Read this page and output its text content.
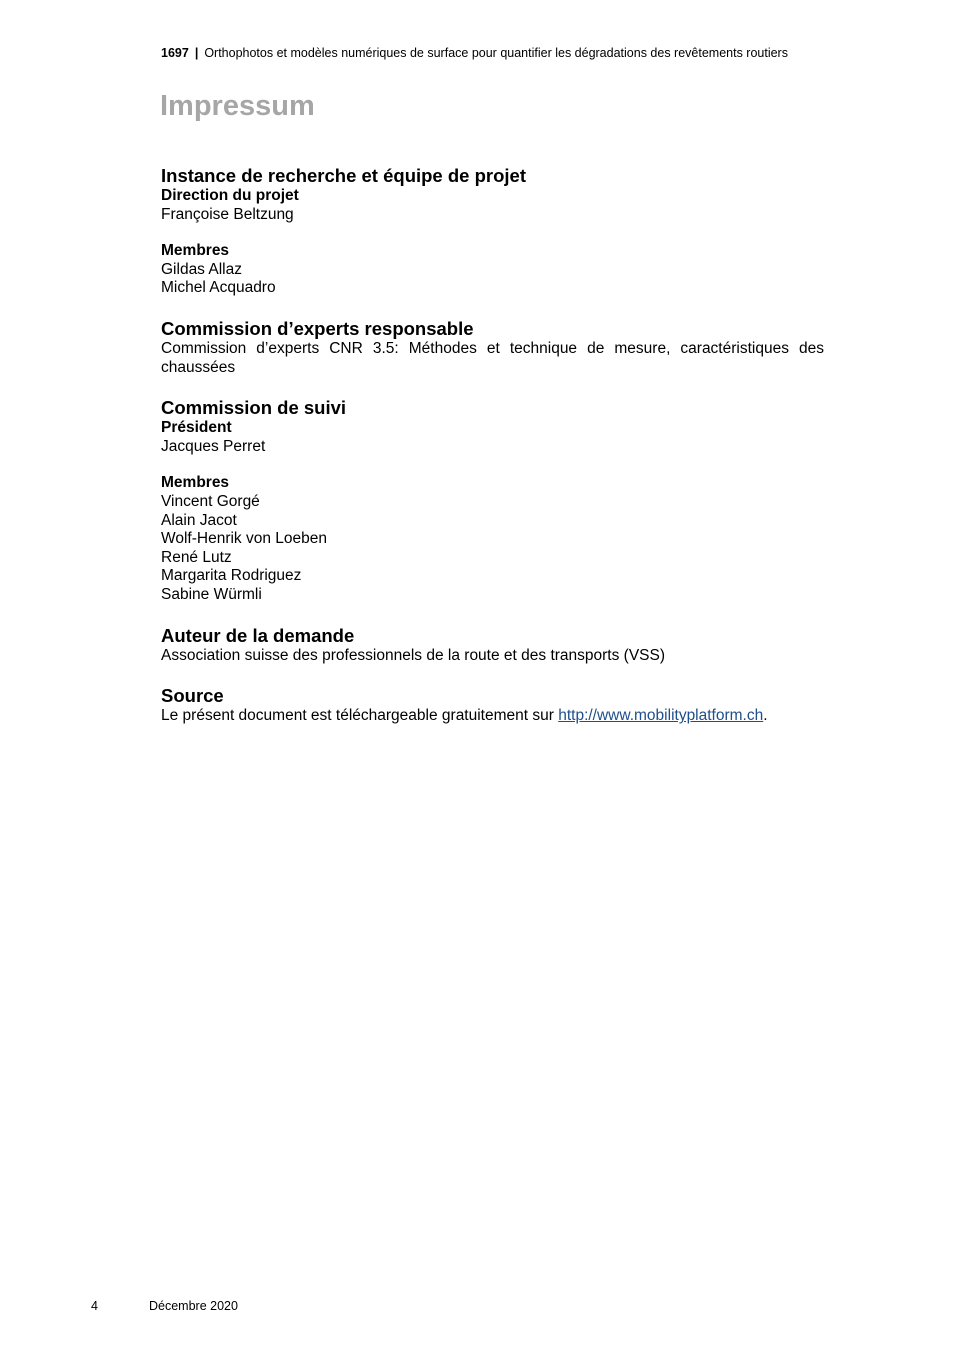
1697 | Orthophotos et modèles numériques de surface pour quantifier les dégradations des revêtements routiers
Impressum
Instance de recherche et équipe de projet

Direction du projet

Françoise Beltzung

Membres

Gildas Allaz

Michel Acquadro

Commission d’experts responsable

Commission d’experts CNR 3.5: Méthodes et technique de mesure, caractéristiques des

chaussées

Commission de suivi

Président

Jacques Perret

Membres

Vincent Gorgé

Alain Jacot

Wolf-Henrik von Loeben

René Lutz

Margarita Rodriguez

Sabine Würmli

Auteur de la demande

Association suisse des professionnels de la route et des transports (VSS)

Source

Le présent document est téléchargeable gratuitement sur http://www.mobilityplatform.ch.

4	Décembre 2020
